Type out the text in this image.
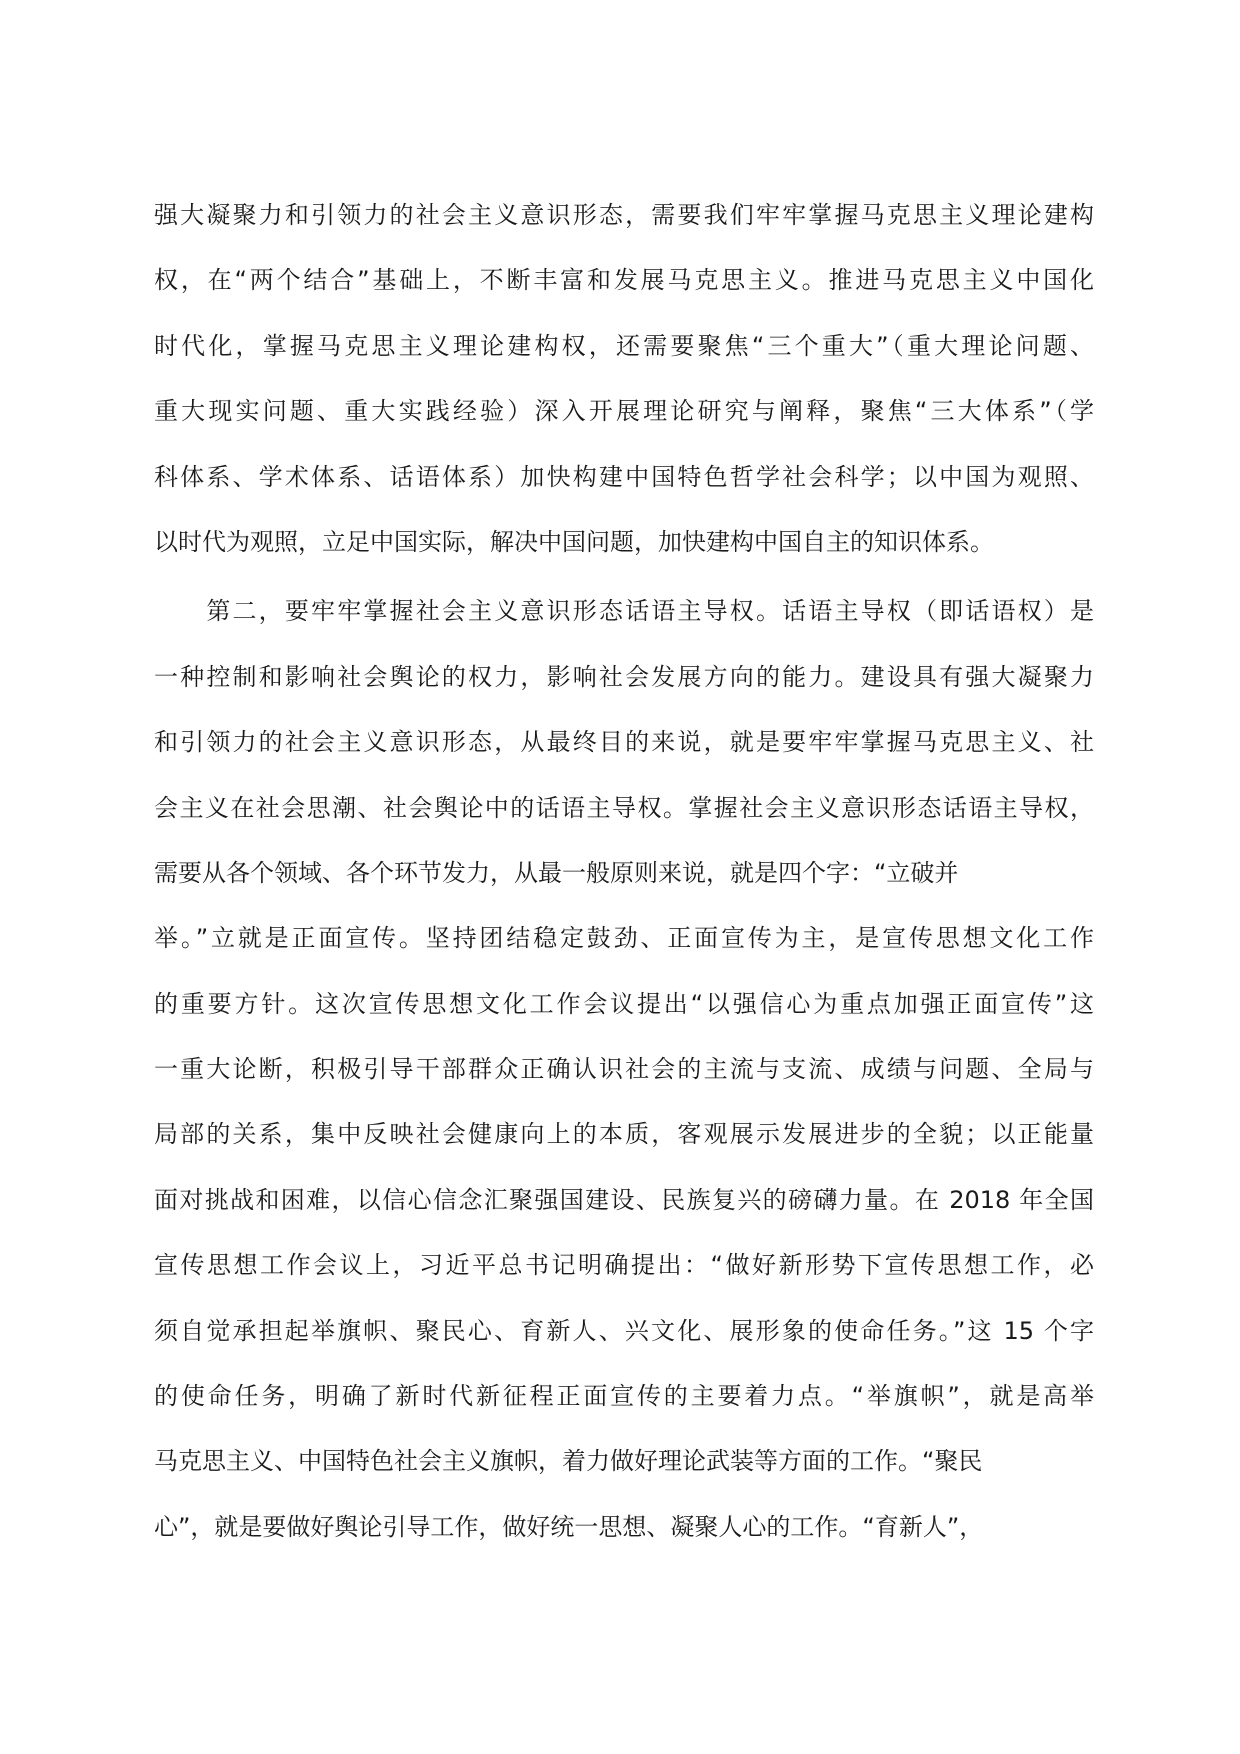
强大凝聚力和引领力的社会主义意识形态，需要我们牢牢掌握马克思主义理论建构
权，在“两个结合”基础上，不断丰富和发展马克思主义。推进马克思主义中国化
时代化，掌握马克思主义理论建构权，还需要聚焦“三个重大”（重大理论问题、
重大现实问题、重大实践经验）深入开展理论研究与阐释，聚焦“三大体系”（学
科体系、学术体系、话语体系）加快构建中国特色哲学社会科学；以中国为观照、
以时代为观照，立足中国实际，解决中国问题，加快建构中国自主的知识体系。
　　第二，要牢牢掌握社会主义意识形态话语主导权。话语主导权（即话语权）是
一种控制和影响社会舆论的权力，影响社会发展方向的能力。建设具有强大凝聚力
和引领力的社会主义意识形态，从最终目的来说，就是要牢牢掌握马克思主义、社
会主义在社会思潮、社会舆论中的话语主导权。掌握社会主义意识形态话语主导权，
需要从各个领域、各个环节发力，从最一般原则来说，就是四个字：“立破并
举。”立就是正面宣传。坚持团结稳定鼓劲、正面宣传为主，是宣传思想文化工作
的重要方针。这次宣传思想文化工作会议提出“以强信心为重点加强正面宣传”这
一重大论断，积极引导干部群众正确认识社会的主流与支流、成绩与问题、全局与
局部的关系，集中反映社会健康向上的本质，客观展示发展进步的全貌；以正能量
面对挑战和困难，以信心信念汇聚强国建设、民族复兴的磅礴力量。在 2018 年全国
宣传思想工作会议上，习近平总书记明确提出：“做好新形势下宣传思想工作，必
须自觉承担起举旗帜、聚民心、育新人、兴文化、展形象的使命任务。”这 15 个字
的使命任务，明确了新时代新征程正面宣传的主要着力点。“举旗帜”，就是高举
马克思主义、中国特色社会主义旗帜，着力做好理论武装等方面的工作。“聚民
心”，就是要做好舆论引导工作，做好统一思想、凝聚人心的工作。“育新人”，
